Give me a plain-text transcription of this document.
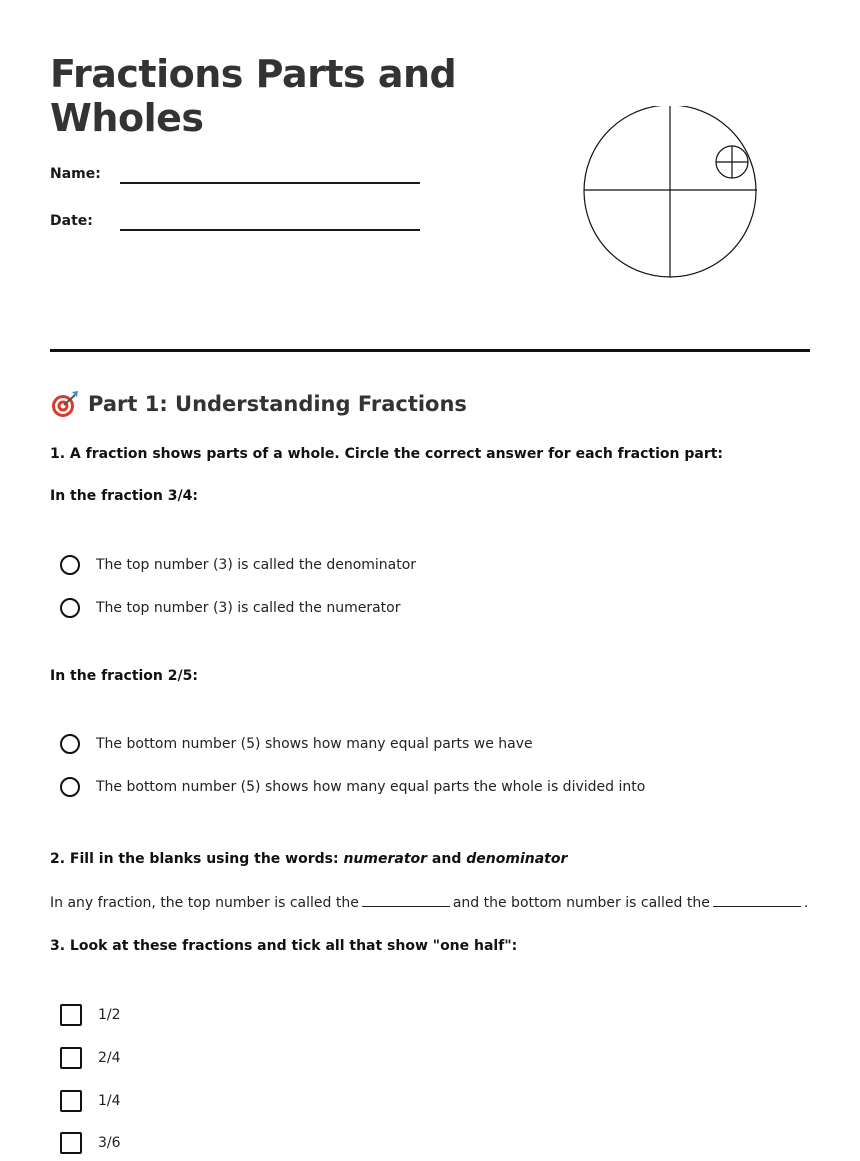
Fractions Parts and
Wholes
Name:
Date:
Part 1: Understanding Fractions

1. A fraction shows parts of a whole. Circle the correct answer for each fraction part:

In the fraction 3/4:

The top number (3) is called the denominator
The top number (3) is called the numerator

In the fraction 2/5:

The bottom number (5) shows how many equal parts we have
The bottom number (5) shows how many equal parts the whole is divided into

2. Fill in the blanks using the words: numerator and denominator

In any fraction, the top number is called the	and the bottom number is called the	.

3. Look at these fractions and tick all that show "one half":

1/2
2/4
1/4
3/6
